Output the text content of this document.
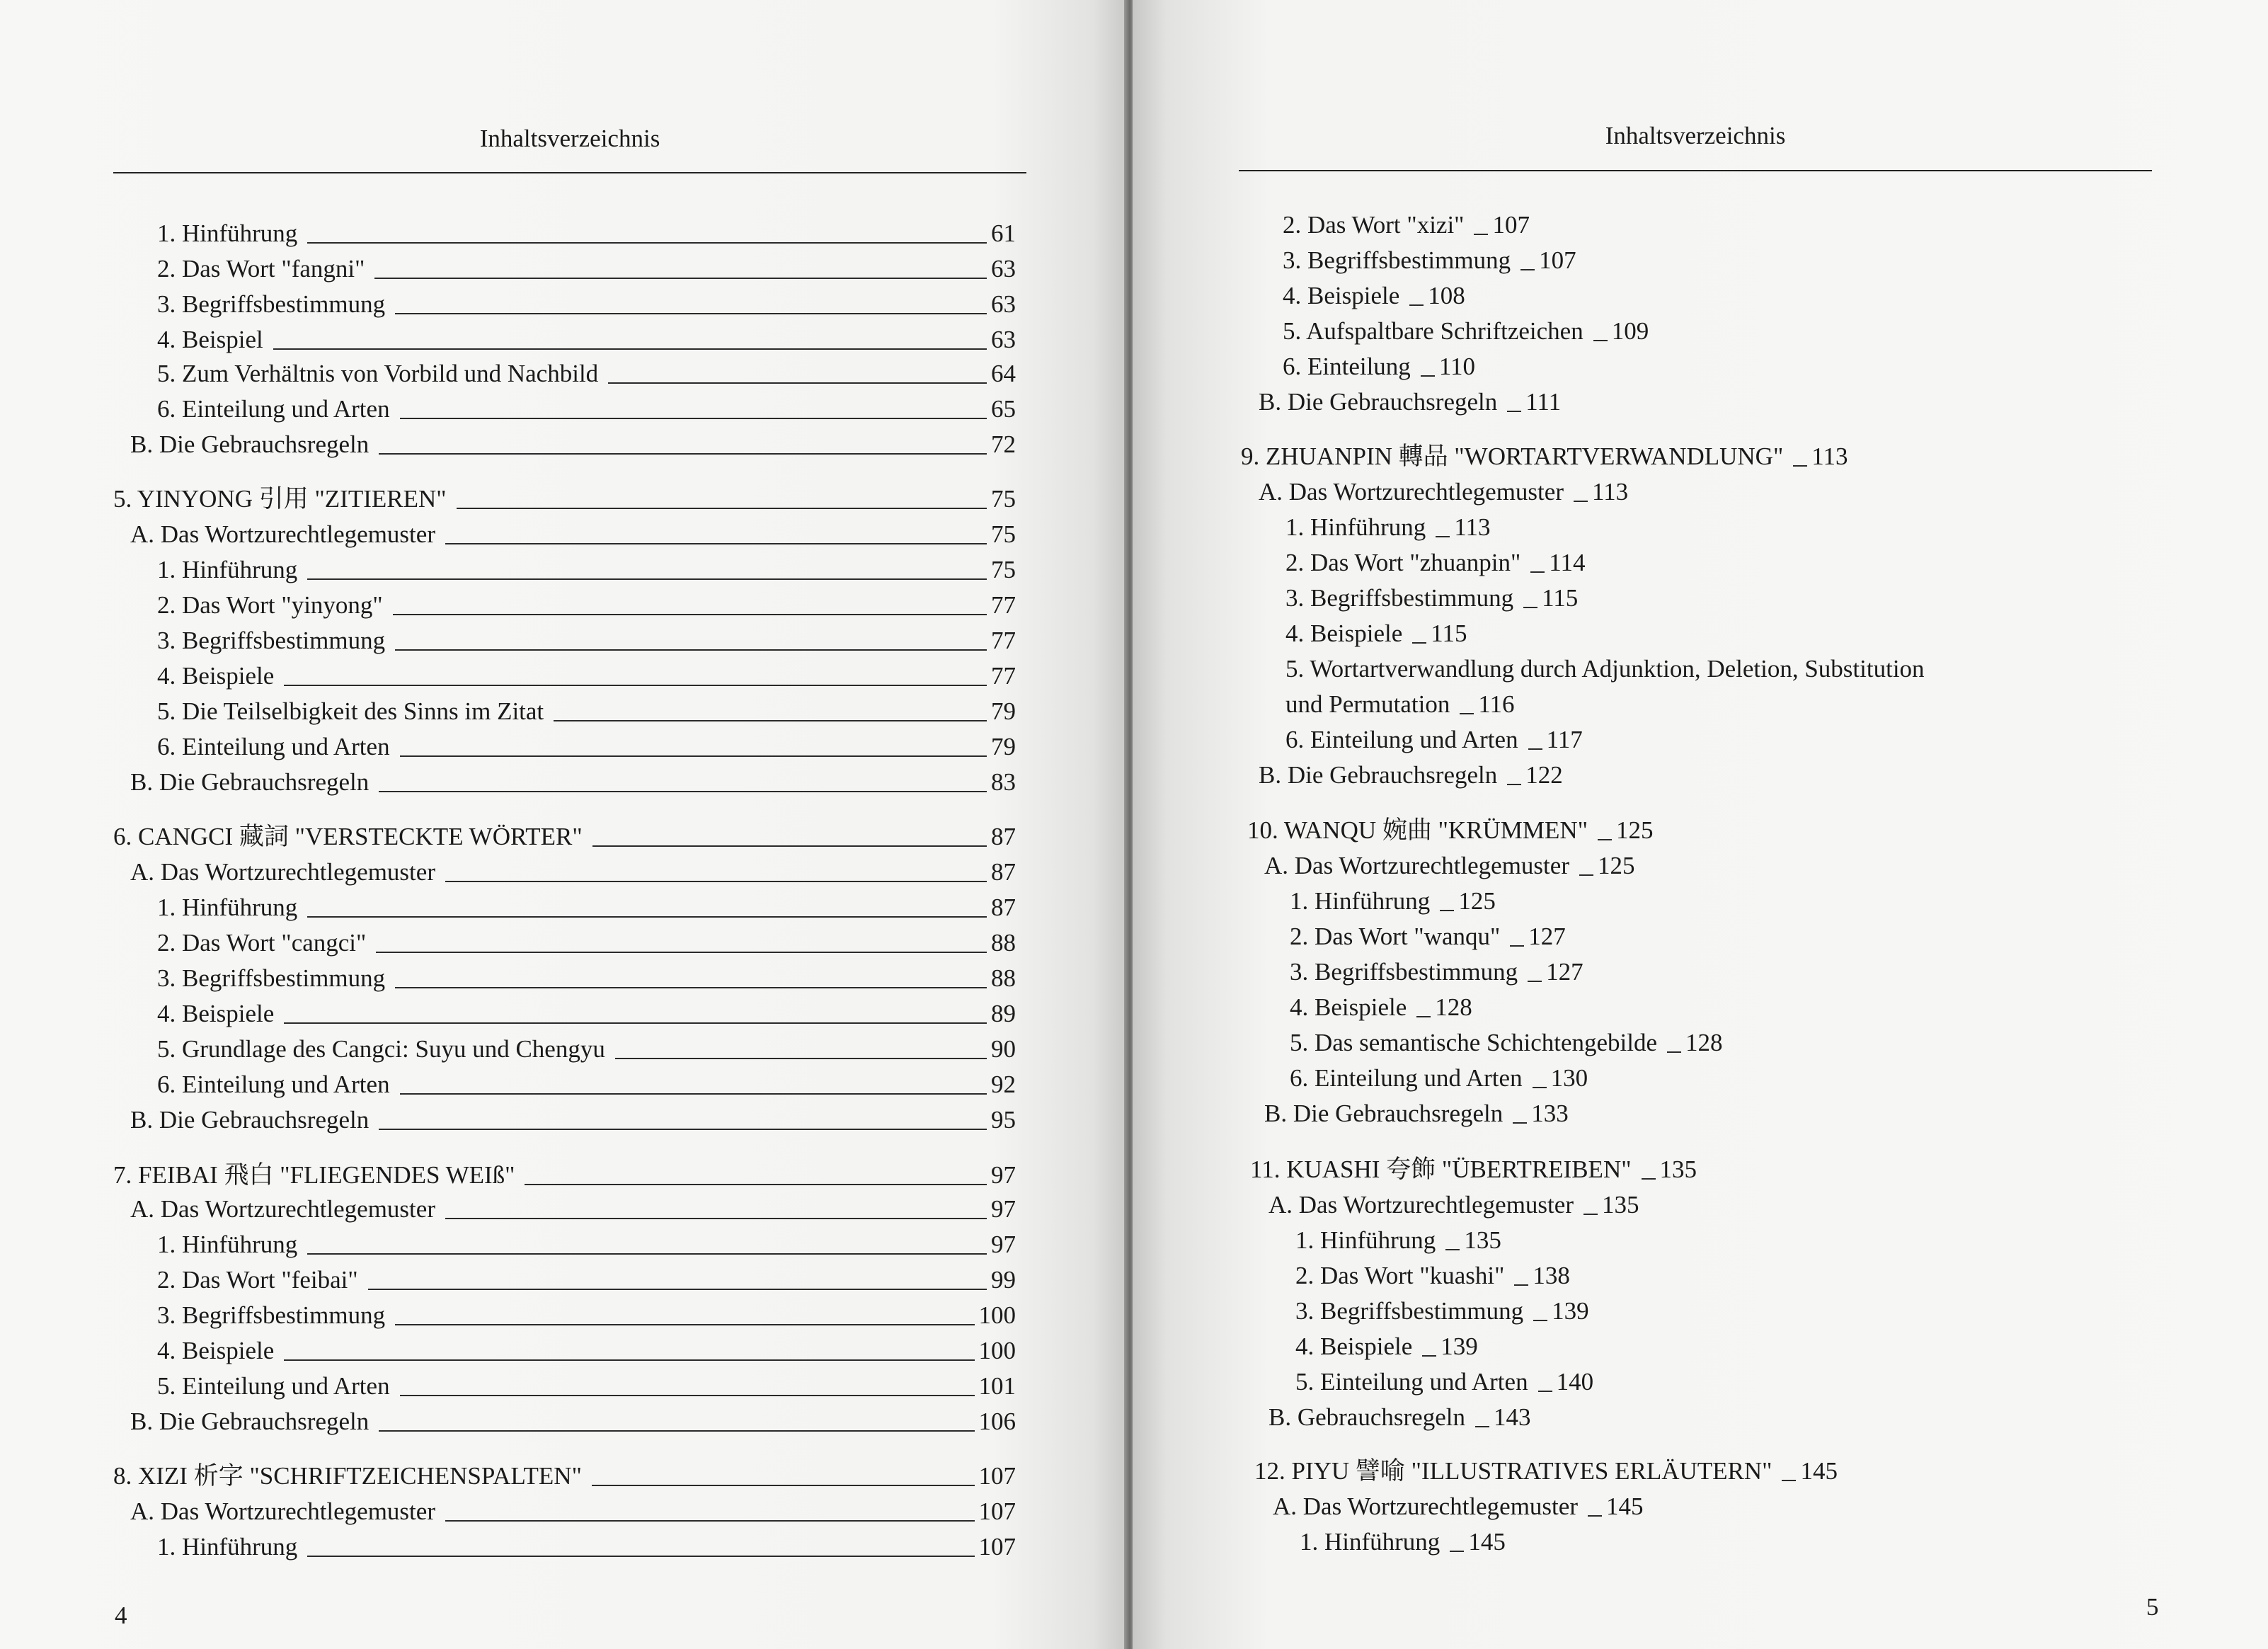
Inhaltsverzeichnis
1. Hinführung	61
2. Das Wort "fangni"	63
3. Begriffsbestimmung	63
4. Beispiel	63
5. Zum Verhältnis von Vorbild und Nachbild	64
6. Einteilung und Arten	65
B. Die Gebrauchsregeln	72
5. YINYONG 引用 "ZITIEREN"	75
A. Das Wortzurechtlegemuster	75
1. Hinführung	75
2. Das Wort "yinyong"	77
3. Begriffsbestimmung	77
4. Beispiele	77
5. Die Teilselbigkeit des Sinns im Zitat	79
6. Einteilung und Arten	79
B. Die Gebrauchsregeln	83
6. CANGCI 藏詞 "VERSTECKTE WÖRTER"	87
A. Das Wortzurechtlegemuster	87
1. Hinführung	87
2. Das Wort "cangci"	88
3. Begriffsbestimmung	88
4. Beispiele	89
5. Grundlage des Cangci: Suyu und Chengyu	90
6. Einteilung und Arten	92
B. Die Gebrauchsregeln	95
7. FEIBAI 飛白 "FLIEGENDES WEIß"	97
A. Das Wortzurechtlegemuster	97
1. Hinführung	97
2. Das Wort "feibai"	99
3. Begriffsbestimmung	100
4. Beispiele	100
5. Einteilung und Arten	101
B. Die Gebrauchsregeln	106
8. XIZI 析字 "SCHRIFTZEICHENSPALTEN"	107
A. Das Wortzurechtlegemuster	107
1. Hinführung	107
4
Inhaltsverzeichnis
2. Das Wort "xizi" 107
3. Begriffsbestimmung 107
4. Beispiele 108
5. Aufspaltbare Schriftzeichen 109
6. Einteilung 110
B. Die Gebrauchsregeln 111
9. ZHUANPIN 轉品 "WORTARTVERWANDLUNG" 113
A. Das Wortzurechtlegemuster 113
1. Hinführung 113
2. Das Wort "zhuanpin" 114
3. Begriffsbestimmung 115
4. Beispiele 115
5. Wortartverwandlung durch Adjunktion, Deletion, Substitution
und Permutation 116
6. Einteilung und Arten 117
B. Die Gebrauchsregeln 122
10. WANQU 婉曲 "KRÜMMEN" 125
A. Das Wortzurechtlegemuster 125
1. Hinführung 125
2. Das Wort "wanqu" 127
3. Begriffsbestimmung 127
4. Beispiele 128
5. Das semantische Schichtengebilde 128
6. Einteilung und Arten 130
B. Die Gebrauchsregeln 133
11. KUASHI 夸飾 "ÜBERTREIBEN" 135
A. Das Wortzurechtlegemuster 135
1. Hinführung 135
2. Das Wort "kuashi" 138
3. Begriffsbestimmung 139
4. Beispiele 139
5. Einteilung und Arten 140
B. Gebrauchsregeln 143
12. PIYU 譬喻 "ILLUSTRATIVES ERLÄUTERN" 145
A. Das Wortzurechtlegemuster 145
1. Hinführung 145
5
